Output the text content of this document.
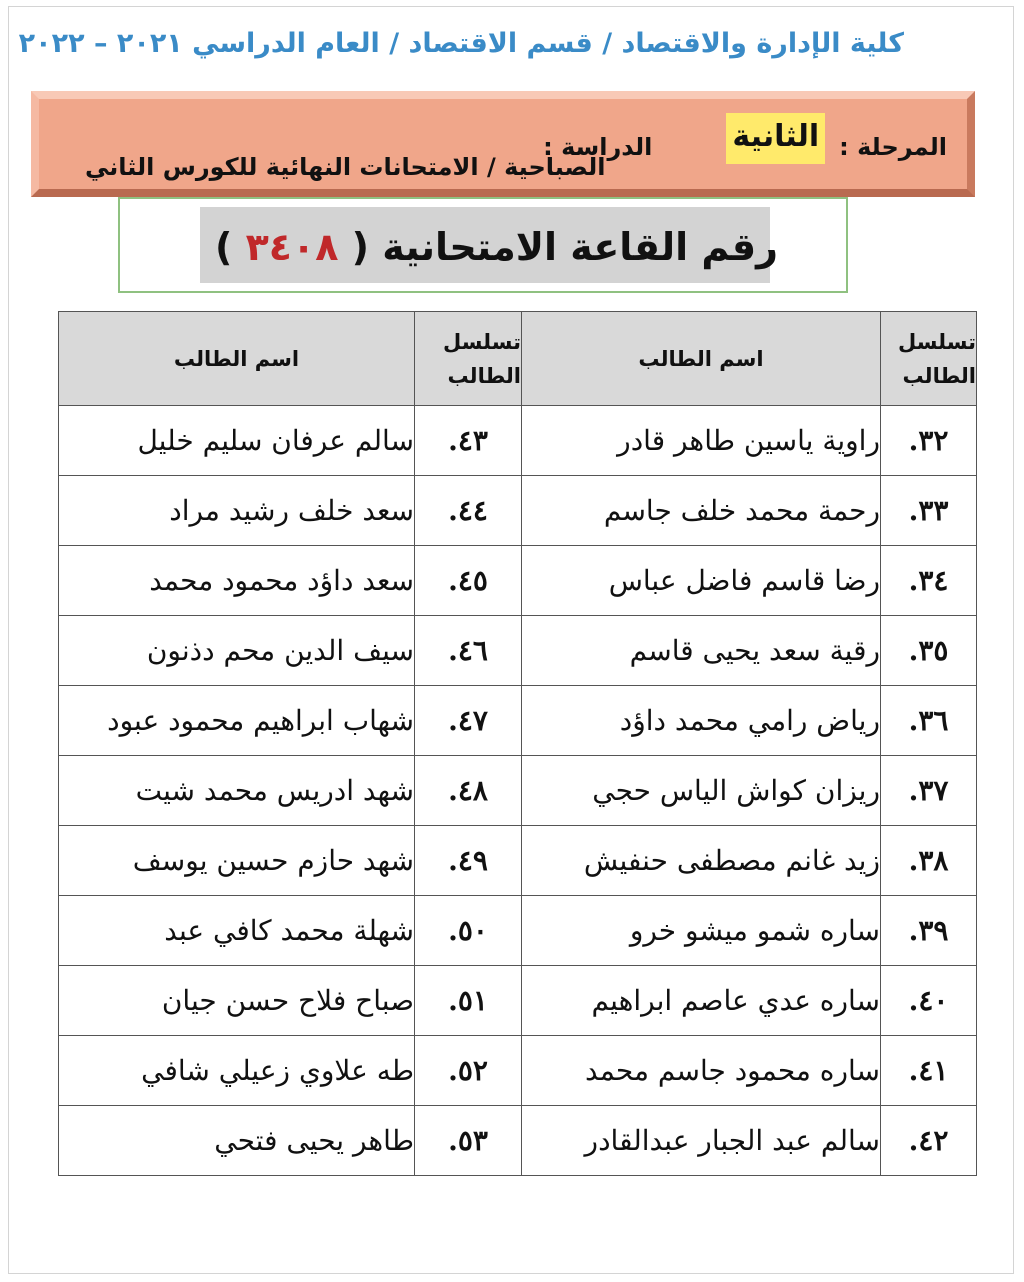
كلية الإدارة والاقتصاد / قسم الاقتصاد / العام الدراسي ٢٠٢١ – ٢٠٢٢
المرحلة :
الثانية
الدراسة :
الصباحية / الامتحانات النهائية للكورس الثاني
رقم القاعة الامتحانية ( ٣٤٠٨ )
تسلسل الطالب	اسم الطالب	تسلسل الطالب	اسم الطالب
٣٢.	راوية ياسين طاهر قادر	٤٣.	سالم عرفان سليم خليل
٣٣.	رحمة محمد خلف جاسم	٤٤.	سعد خلف رشيد مراد
٣٤.	رضا قاسم فاضل عباس	٤٥.	سعد داؤد محمود محمد
٣٥.	رقية سعد يحيى قاسم	٤٦.	سيف الدين محم دذنون
٣٦.	رياض رامي محمد داؤد	٤٧.	شهاب ابراهيم محمود عبود
٣٧.	ريزان كواش الياس حجي	٤٨.	شهد ادريس محمد شيت
٣٨.	زيد غانم مصطفى حنفيش	٤٩.	شهد حازم حسين يوسف
٣٩.	ساره شمو ميشو خرو	٥٠.	شهلة محمد كافي عبد
٤٠.	ساره عدي عاصم ابراهيم	٥١.	صباح فلاح حسن جيان
٤١.	ساره محمود جاسم محمد	٥٢.	طه علاوي زعيلي شافي
٤٢.	سالم عبد الجبار عبدالقادر	٥٣.	طاهر يحيى فتحي
